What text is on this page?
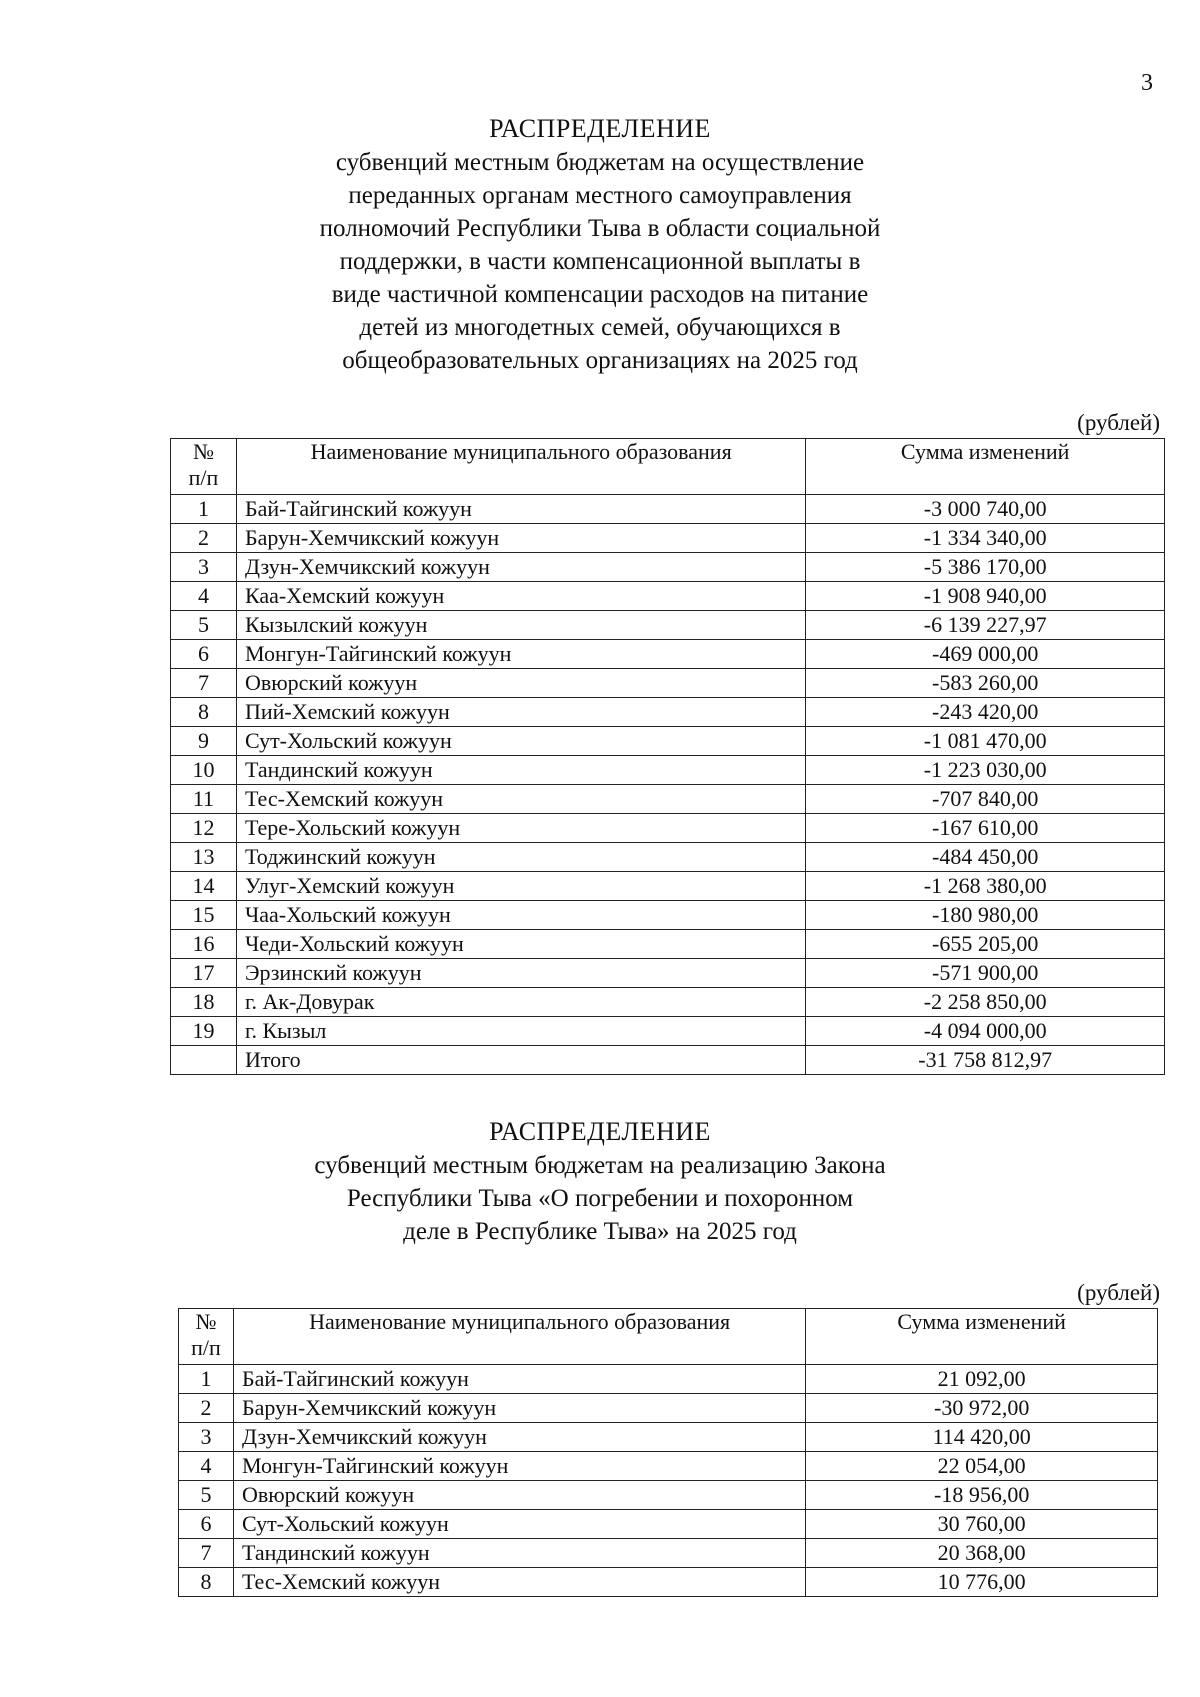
3
РАСПРЕДЕЛЕНИЕ
субвенций местным бюджетам на осуществление
переданных органам местного самоуправления
полномочий Республики Тыва в области социальной
поддержки, в части компенсационной выплаты в
виде частичной компенсации расходов на питание
детей из многодетных семей, обучающихся в
общеобразовательных организациях на 2025 год
(рублей)
№
п/п	Наименование муниципального образования	Сумма изменений
1	Бай-Тайгинский кожуун	-3 000 740,00
2	Барун-Хемчикский кожуун	-1 334 340,00
3	Дзун-Хемчикский кожуун	-5 386 170,00
4	Каа-Хемский кожуун	-1 908 940,00
5	Кызылский кожуун	-6 139 227,97
6	Монгун-Тайгинский кожуун	-469 000,00
7	Овюрский кожуун	-583 260,00
8	Пий-Хемский кожуун	-243 420,00
9	Сут-Хольский кожуун	-1 081 470,00
10	Тандинский кожуун	-1 223 030,00
11	Тес-Хемский кожуун	-707 840,00
12	Тере-Хольский кожуун	-167 610,00
13	Тоджинский кожуун	-484 450,00
14	Улуг-Хемский кожуун	-1 268 380,00
15	Чаа-Хольский кожуун	-180 980,00
16	Чеди-Хольский кожуун	-655 205,00
17	Эрзинский кожуун	-571 900,00
18	г. Ак-Довурак	-2 258 850,00
19	г. Кызыл	-4 094 000,00
	Итого	-31 758 812,97
РАСПРЕДЕЛЕНИЕ
субвенций местным бюджетам на реализацию Закона
Республики Тыва «О погребении и похоронном
деле в Республике Тыва» на 2025 год
(рублей)
№
п/п	Наименование муниципального образования	Сумма изменений
1	Бай-Тайгинский кожуун	21 092,00
2	Барун-Хемчикский кожуун	-30 972,00
3	Дзун-Хемчикский кожуун	114 420,00
4	Монгун-Тайгинский кожуун	22 054,00
5	Овюрский кожуун	-18 956,00
6	Сут-Хольский кожуун	30 760,00
7	Тандинский кожуун	20 368,00
8	Тес-Хемский кожуун	10 776,00
